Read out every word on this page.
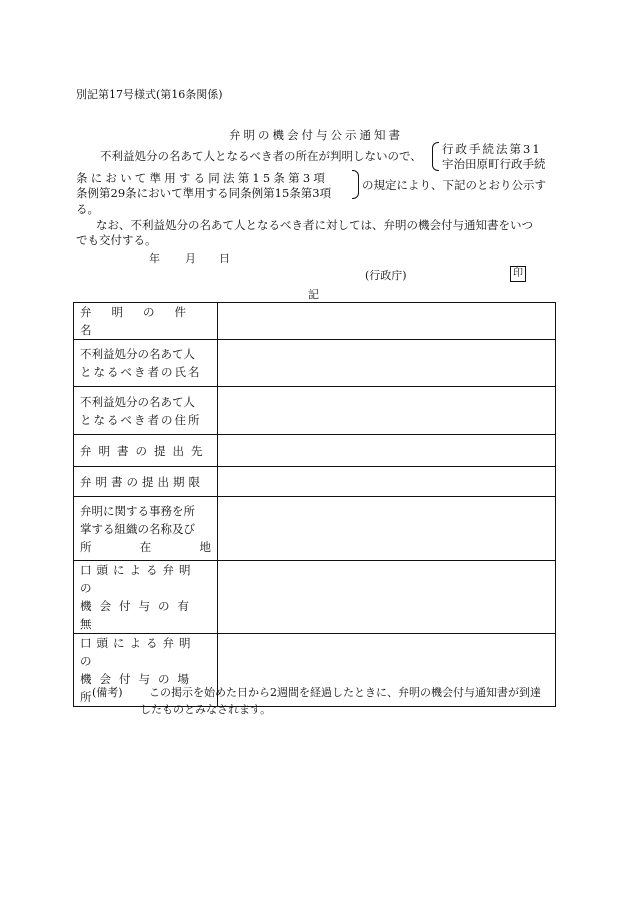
別記第17号様式(第16条関係)
弁明の機会付与公示通知書
不利益処分の名あて人となるべき者の所在が判明しないので、 行政手続法第31
宇治田原町行政手続
条において準用する同法第15条第3項
条例第29条において準用する同条例第15条第3項
の規定により、下記のとおり公示す
る。
なお、不利益処分の名あて人となるべき者に対しては、弁明の機会付与通知書をいつ
でも交付する。
年 月 日
(行政庁)	印
記
弁明の件名	

不利益処分の名あて人
となるべき者の氏名	

不利益処分の名あて人
となるべき者の住所	

弁明書の提出先	

弁明書の提出期限	

弁明に関する事務を所
掌する組織の名称及び
所 在 地	

口頭による弁明の
機会付与の有無	

口頭による弁明の
機会付与の場所	

(備考) この掲示を始めた日から2週間を経過したときに、弁明の機会付与通知書が到達
したものとみなされます。
